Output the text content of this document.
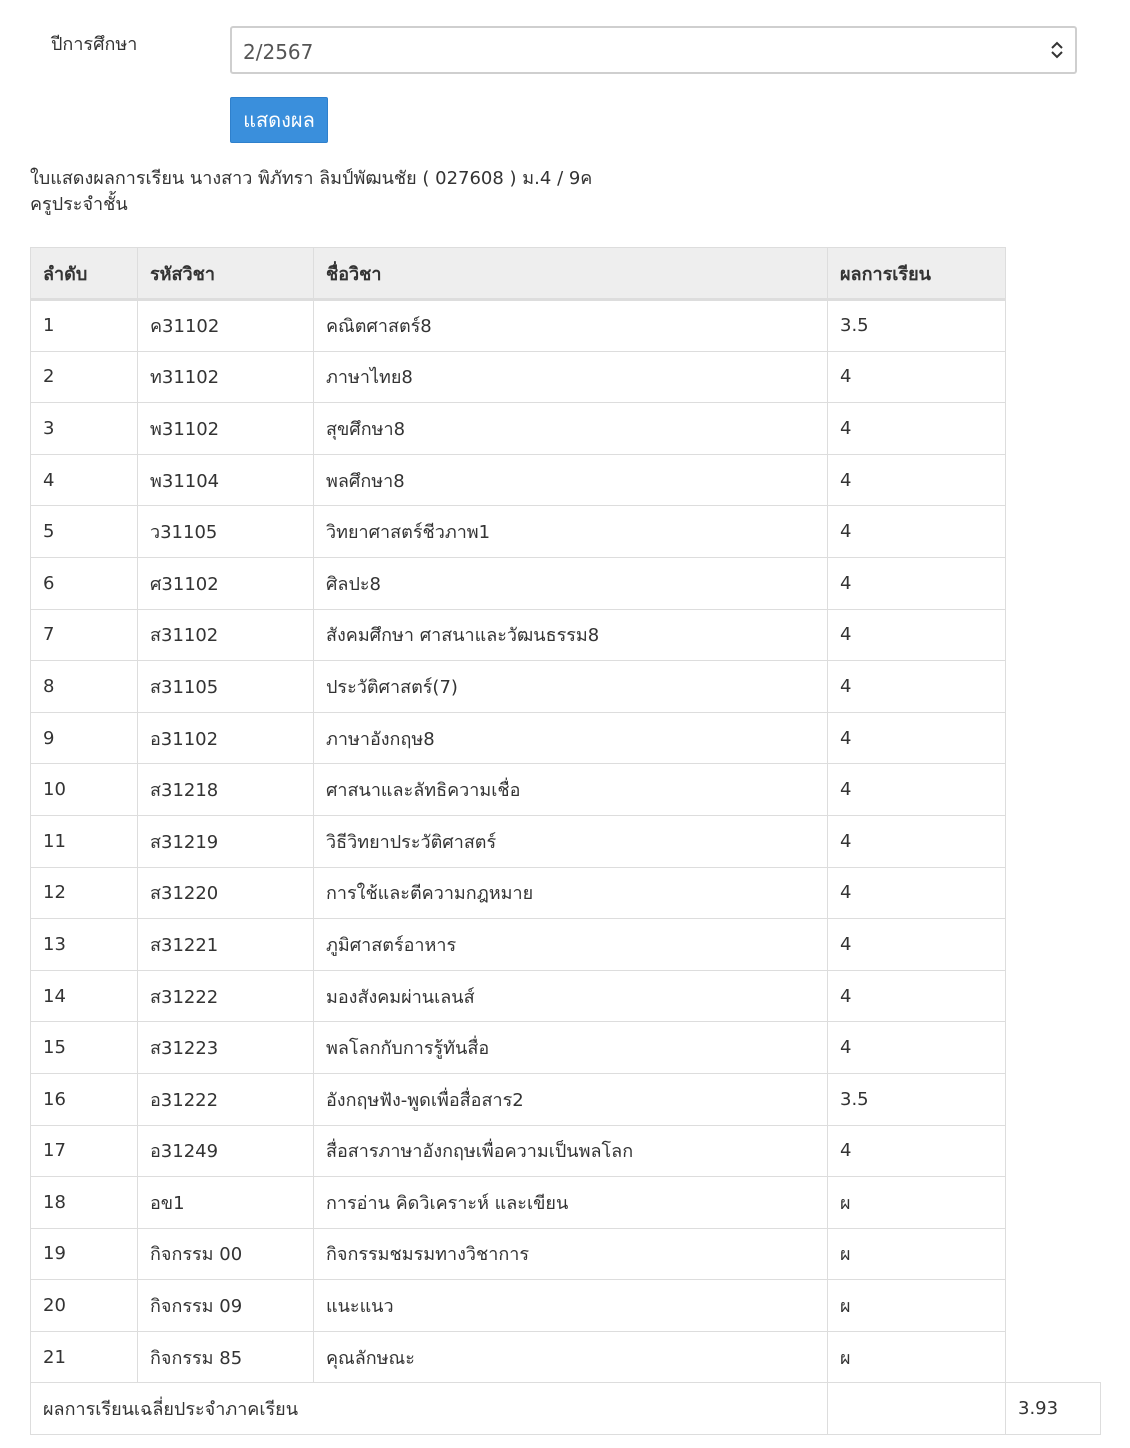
ปีการศึกษา	2/2567
แสดงผล
ใบแสดงผลการเรียน นางสาว พิภัทรา ลิมป์พัฒนชัย ( 027608 ) ม.4 / 9ค
ครูประจำชั้น
ลำดับ	รหัสวิชา	ชื่อวิชา	ผลการเรียน	
1	ค31102	คณิตศาสตร์8	3.5	
2	ท31102	ภาษาไทย8	4	
3	พ31102	สุขศึกษา8	4	
4	พ31104	พลศึกษา8	4	
5	ว31105	วิทยาศาสตร์ชีวภาพ1	4	
6	ศ31102	ศิลปะ8	4	
7	ส31102	สังคมศึกษา ศาสนาและวัฒนธรรม8	4	
8	ส31105	ประวัติศาสตร์(7)	4	
9	อ31102	ภาษาอังกฤษ8	4	
10	ส31218	ศาสนาและลัทธิความเชื่อ	4	
11	ส31219	วิธีวิทยาประวัติศาสตร์	4	
12	ส31220	การใช้และตีความกฎหมาย	4	
13	ส31221	ภูมิศาสตร์อาหาร	4	
14	ส31222	มองสังคมผ่านเลนส์	4	
15	ส31223	พลโลกกับการรู้ทันสื่อ	4	
16	อ31222	อังกฤษฟัง-พูดเพื่อสื่อสาร2	3.5	
17	อ31249	สื่อสารภาษาอังกฤษเพื่อความเป็นพลโลก	4	
18	อข1	การอ่าน คิดวิเคราะห์ และเขียน	ผ	
19	กิจกรรม 00	กิจกรรมชมรมทางวิชาการ	ผ	
20	กิจกรรม 09	แนะแนว	ผ	
21	กิจกรรม 85	คุณลักษณะ	ผ	
ผลการเรียนเฉลี่ยประจำภาคเรียน				3.93
